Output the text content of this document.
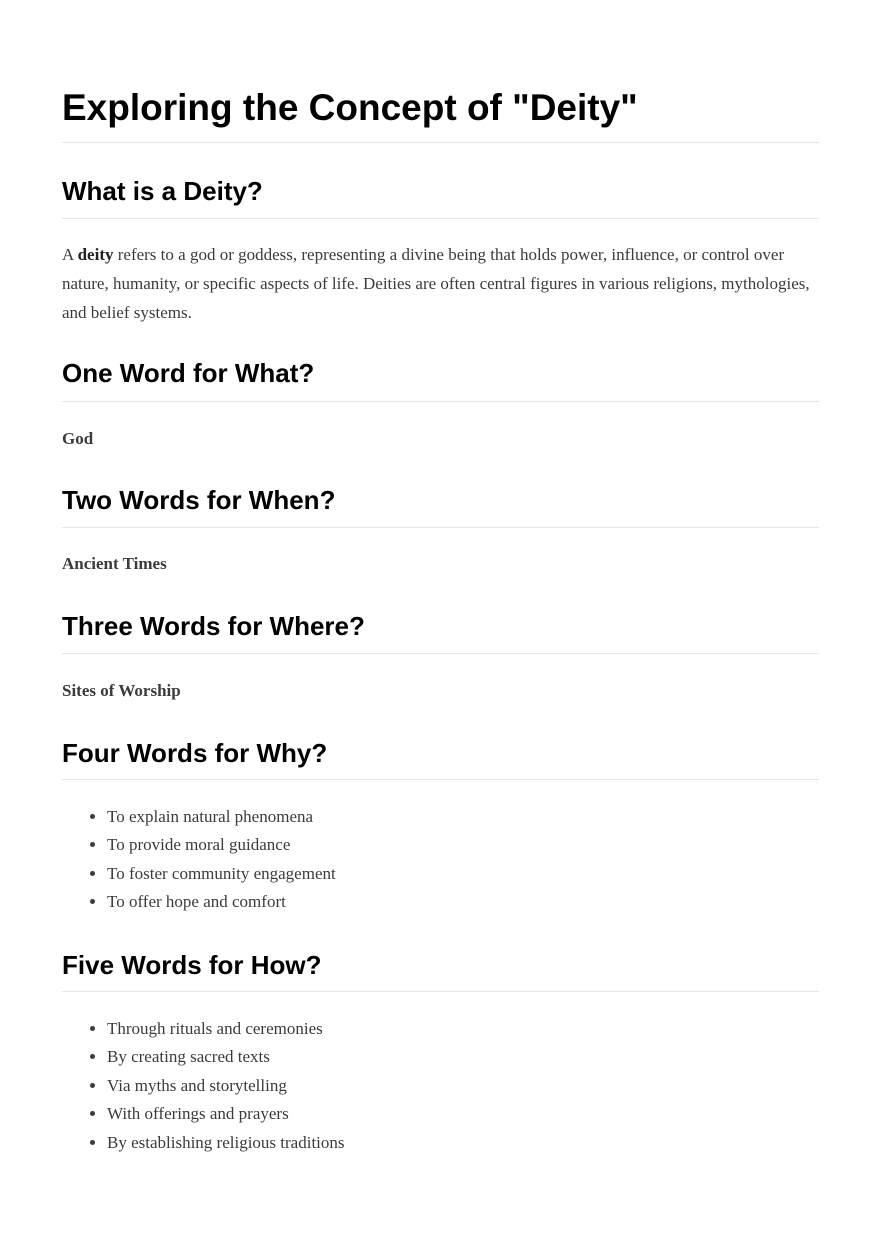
Exploring the Concept of "Deity"
What is a Deity?

A deity refers to a god or goddess, representing a divine being that holds power, influence, or control over nature, humanity, or specific aspects of life. Deities are often central figures in various religions, mythologies, and belief systems.

One Word for What?
God
Two Words for When?
Ancient Times
Three Words for Where?
Sites of Worship
Four Words for Why?
• To explain natural phenomena
• To provide moral guidance
• To foster community engagement
• To offer hope and comfort
Five Words for How?
• Through rituals and ceremonies
• By creating sacred texts
• Via myths and storytelling
• With offerings and prayers
• By establishing religious traditions
